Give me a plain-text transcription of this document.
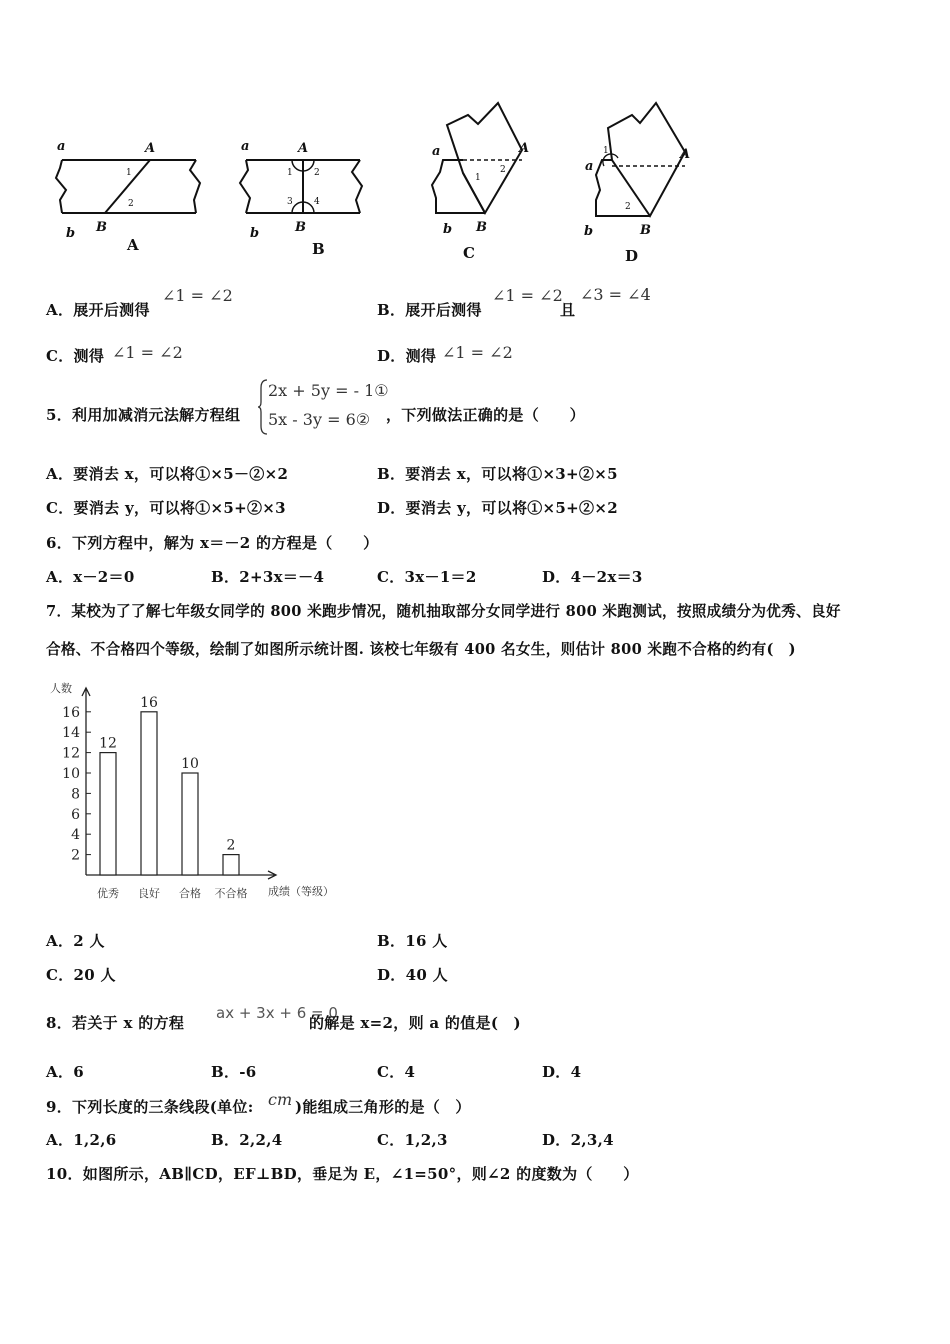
a
b
A
B
a
b
A
B
a
b
A
B
a
b
A
B
1
2
1 2
3 4
1
2
1
2
A	B	C	D
A．展开后测得
∠1 = ∠2
B．展开后测得
∠1 = ∠2
且
∠3 = ∠4
C．测得 ∠1 = ∠2	D．测得 ∠1 = ∠2
5．利用加减消元法解方程组
2x + 5y = - 1①
5x - 3y = 6② ，下列做法正确的是（　　）
A．要消去 x，可以将①×5－②×2	B．要消去 x，可以将①×3+②×5
C．要消去 y，可以将①×5+②×3	D．要消去 y，可以将①×5+②×2
6．下列方程中，解为 x＝－2 的方程是（　　）
A．x－2＝0	B．2+3x＝－4	C．3x－1＝2	D．4－2x＝3
7．某校为了了解七年级女同学的 800 米跑步情况，随机抽取部分女同学进行 800 米跑测试，按照成绩分为优秀、良好
合格、不合格四个等级，绘制了如图所示统计图. 该校七年级有 400 名女生，则估计 800 米跑不合格的约有(　)
2
4
6
8
10
12
14
16
12
优秀
16
良好
10
合格
2
不合格
人数
成绩（等级）
A．2 人	B．16 人
C．20 人	D．40 人
8．若关于 x 的方程
ax + 3x + 6 = 0
的解是 x=2，则 a 的值是(　)
A．6	B．-6	C．4	D．4
9．下列长度的三条线段(单位: cm )能组成三角形的是（　）
A．1,2,6	B．2,2,4	C．1,2,3	D．2,3,4
10．如图所示，AB∥CD，EF⊥BD，垂足为 E，∠1=50°，则∠2 的度数为（　　）
